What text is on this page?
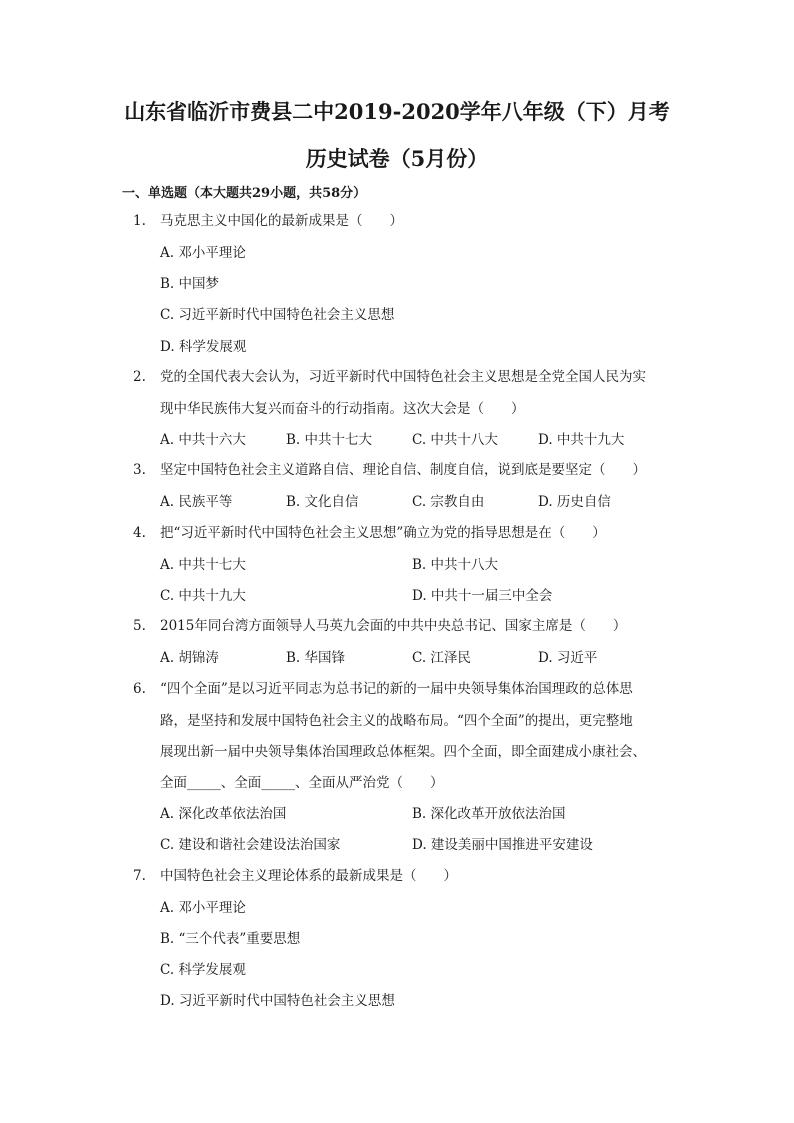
山东省临沂市费县二中2019-2020学年八年级（下）月考
历史试卷（5月份）
一、单选题（本大题共29小题，共58分）
1.	马克思主义中国化的最新成果是（　　）
A. 邓小平理论
B. 中国梦
C. 习近平新时代中国特色社会主义思想
D. 科学发展观
2.	党的全国代表大会认为，习近平新时代中国特色社会主义思想是全党全国人民为实
现中华民族伟大复兴而奋斗的行动指南。这次大会是（　　）
A. 中共十六大	B. 中共十七大	C. 中共十八大	D. 中共十九大
3.	坚定中国特色社会主义道路自信、理论自信、制度自信，说到底是要坚定（　　）
A. 民族平等	B. 文化自信	C. 宗教自由	D. 历史自信
4.	把“习近平新时代中国特色社会主义思想”确立为党的指导思想是在（　　）
A. 中共十七大	B. 中共十八大
C. 中共十九大	D. 中共十一届三中全会
5.	2015年同台湾方面领导人马英九会面的中共中央总书记、国家主席是（　　）
A. 胡锦涛	B. 华国锋	C. 江泽民	D. 习近平
6.	“四个全面”是以习近平同志为总书记的新的一届中央领导集体治国理政的总体思
路，是坚持和发展中国特色社会主义的战略布局。“四个全面”的提出，更完整地
展现出新一届中央领导集体治国理政总体框架。四个全面，即全面建成小康社会、
全面_____、全面_____、全面从严治党（　　）
A. 深化改革依法治国	B. 深化改革开放依法治国
C. 建设和谐社会建设法治国家	D. 建设美丽中国推进平安建设
7.	中国特色社会主义理论体系的最新成果是（　　）
A. 邓小平理论
B. “三个代表”重要思想
C. 科学发展观
D. 习近平新时代中国特色社会主义思想
